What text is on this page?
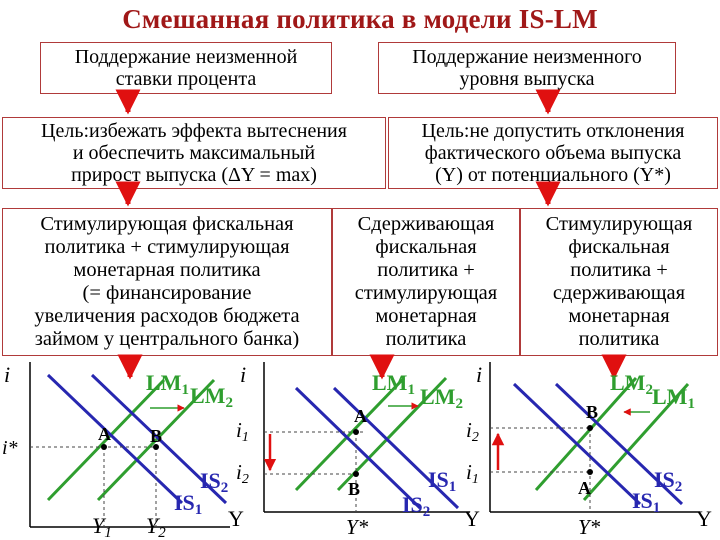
Смешанная политика в модели IS-LM
Поддержание неизменной
ставки процента
Поддержание неизменного
уровня выпуска
Цель:избежать эффекта вытеснения
и обеспечить максимальный
прирост выпуска (ΔY = max)
Цель:не допустить отклонения
фактического объема выпуска
(Y) от потенциального (Y*)
Стимулирующая фискальная
политика + стимулирующая
монетарная политика
(= финансирование
увеличения расходов бюджета
займом у центрального банка)
Сдерживающая
фискальная
политика +
стимулирующая
монетарная
политика
Стимулирующая
фискальная
политика +
сдерживающая
монетарная
политика
i
Y
A B
i*
LM1 LM2
IS2
IS1
Y1 Y2
i
Y
A
B
i1
i2
LM1 LM2
IS1
IS2
Y*
i
Y
B
A
i2
i1
LM2 LM1
IS2
IS1
Y*
